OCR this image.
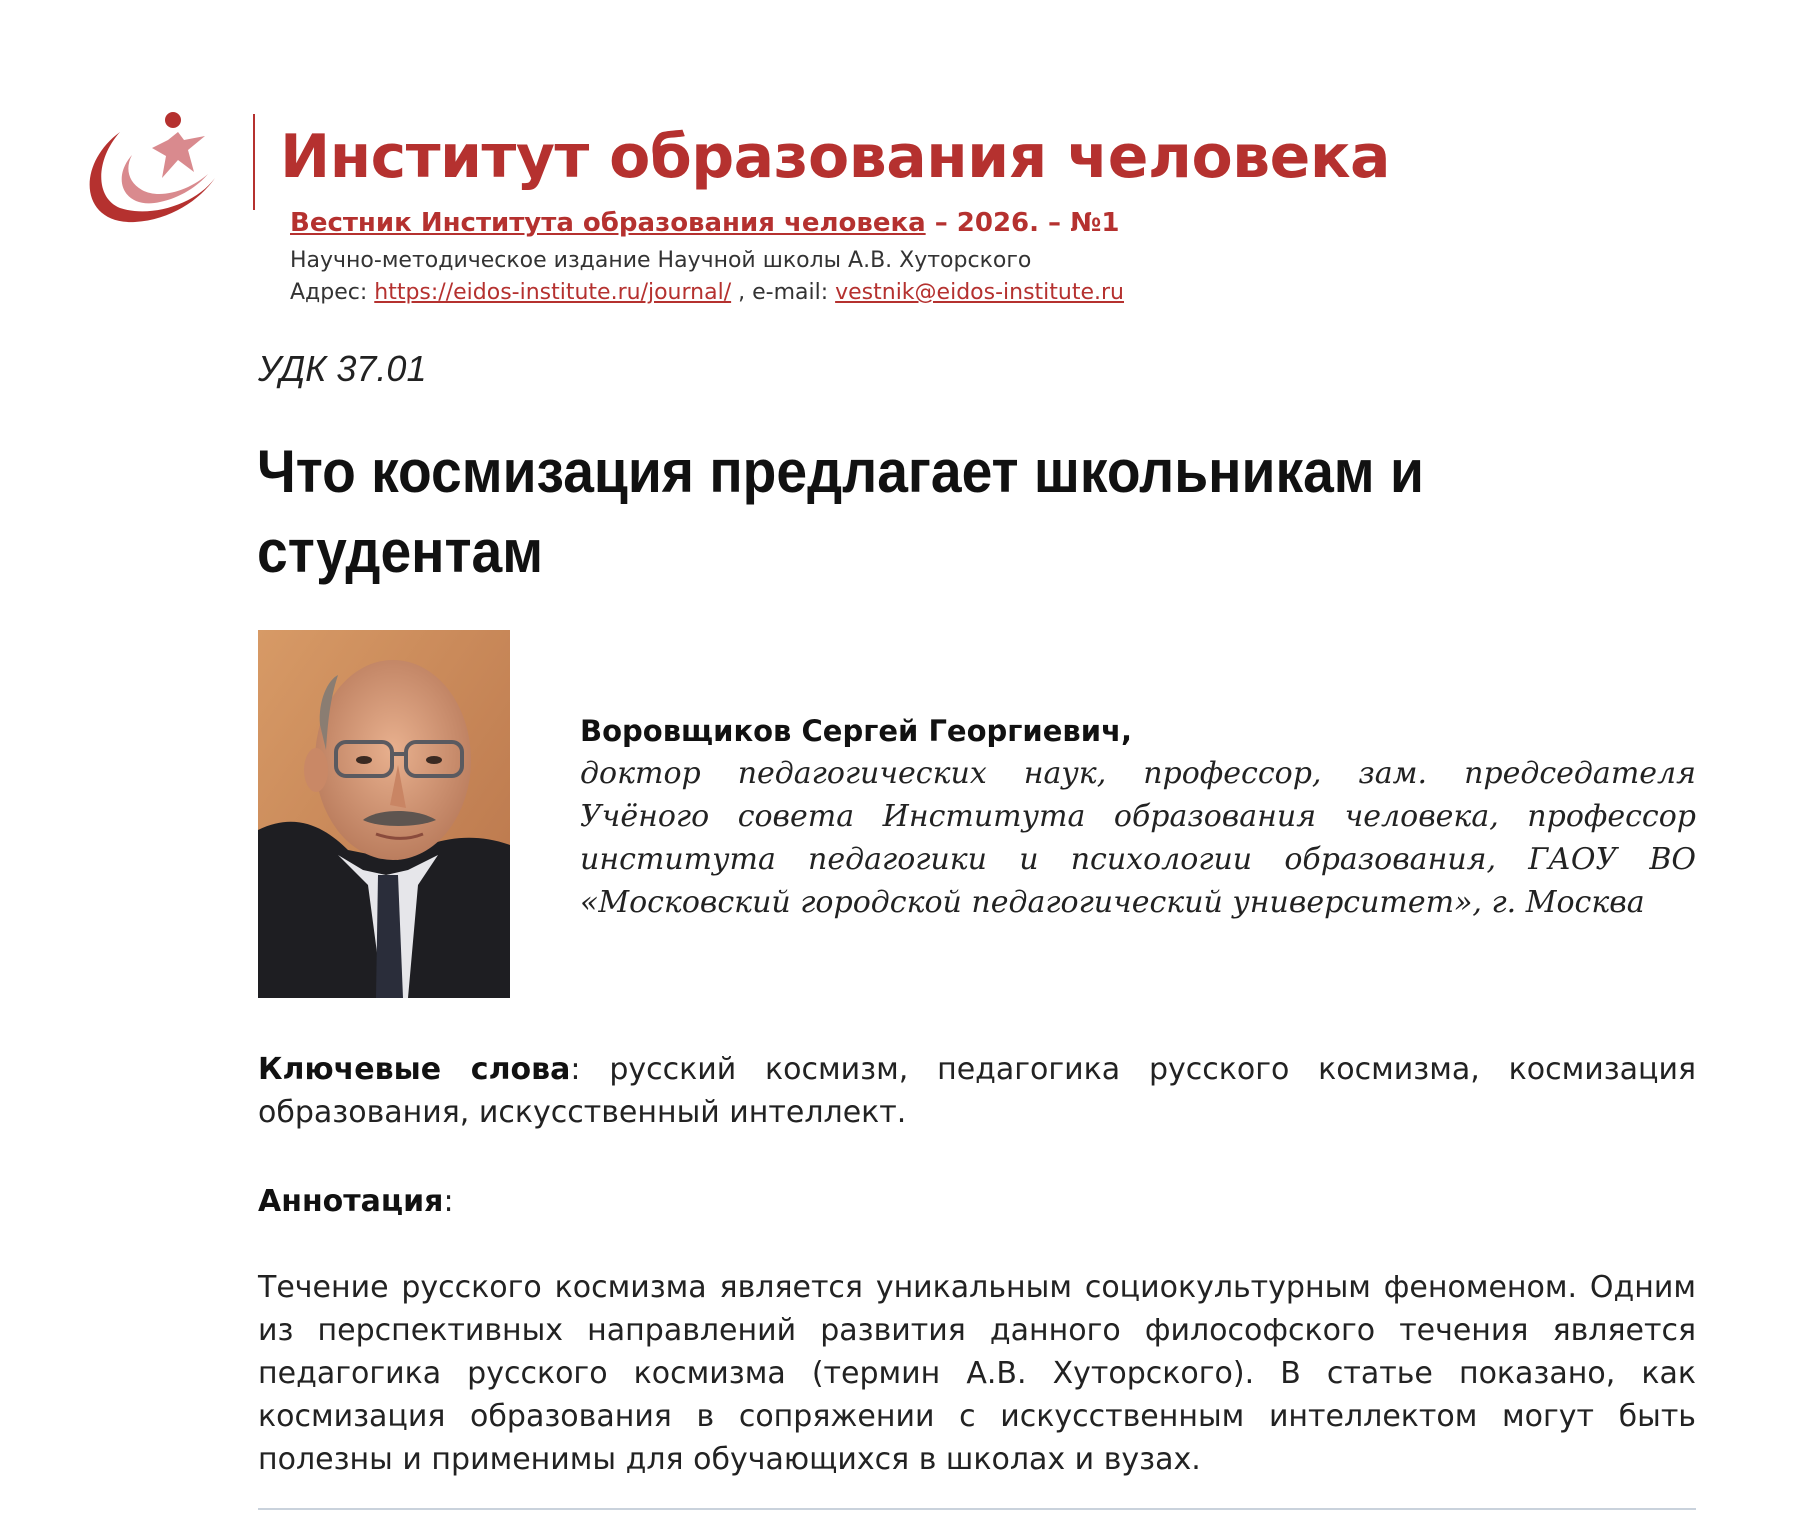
Институт образования человека
Вестник Института образования человека – 2026. – №1
Научно-методическое издание Научной школы А.В. Хуторского
Адрес: https://eidos-institute.ru/journal/ , e-mail: vestnik@eidos-institute.ru
УДК 37.01
Что космизация предлагает школьникам и студентам
Воровщиков Сергей Георгиевич,
доктор педагогических наук, профессор, зам. председателя Учёного совета Института образования человека, профессор института педагогики и психологии образования, ГАОУ ВО «Московский городской педагогический университет», г. Москва

Ключевые слова: русский космизм, педагогика русского космизма, космизация образования, искусственный интеллект.

Аннотация:

Течение русского космизма является уникальным социокультурным феноменом. Одним из перспективных направлений развития данного философского течения является педагогика русского космизма (термин А.В. Хуторского). В статье показано, как космизация образования в сопряжении с искусственным интеллектом могут быть полезны и применимы для обучающихся в школах и вузах.
